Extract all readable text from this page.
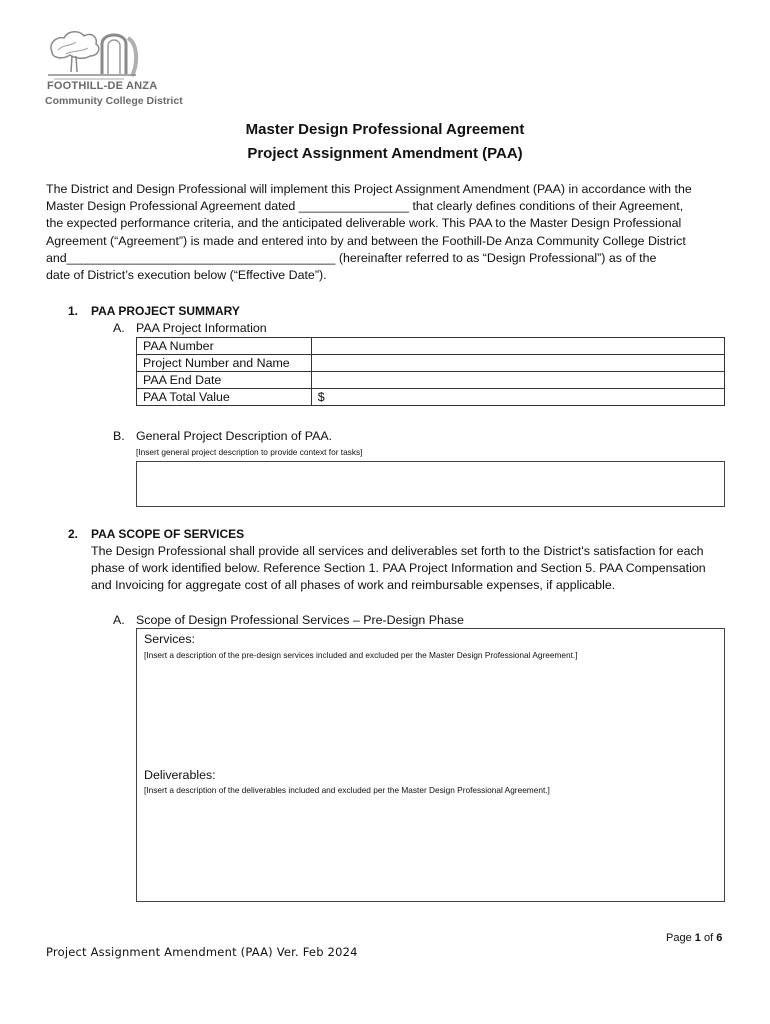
FOOTHILL-DE ANZA
Community College District
Master Design Professional Agreement
Project Assignment Amendment (PAA)
The District and Design Professional will implement this Project Assignment Amendment (PAA) in accordance with the
Master Design Professional Agreement dated ________________ that clearly defines conditions of their Agreement,
the expected performance criteria, and the anticipated deliverable work. This PAA to the Master Design Professional
Agreement (“Agreement”) is made and entered into by and between the Foothill-De Anza Community College District
and_______________________________________ (hereinafter referred to as “Design Professional”) as of the
date of District’s execution below (“Effective Date”).
1. PAA PROJECT SUMMARY
A. PAA Project Information
PAA Number	
Project Number and Name	
PAA End Date	
PAA Total Value	$
B. General Project Description of PAA.
[Insert general project description to provide context for tasks]
2. PAA SCOPE OF SERVICES
The Design Professional shall provide all services and deliverables set forth to the District's satisfaction for each
phase of work identified below. Reference Section 1. PAA Project Information and Section 5. PAA Compensation
and Invoicing for aggregate cost of all phases of work and reimbursable expenses, if applicable.
A. Scope of Design Professional Services – Pre-Design Phase
Services:
[Insert a description of the pre-design services included and excluded per the Master Design Professional Agreement.]
Deliverables:
[Insert a description of the deliverables included and excluded per the Master Design Professional Agreement.]
Page 1 of 6
Project Assignment Amendment (PAA) Ver. Feb 2024
